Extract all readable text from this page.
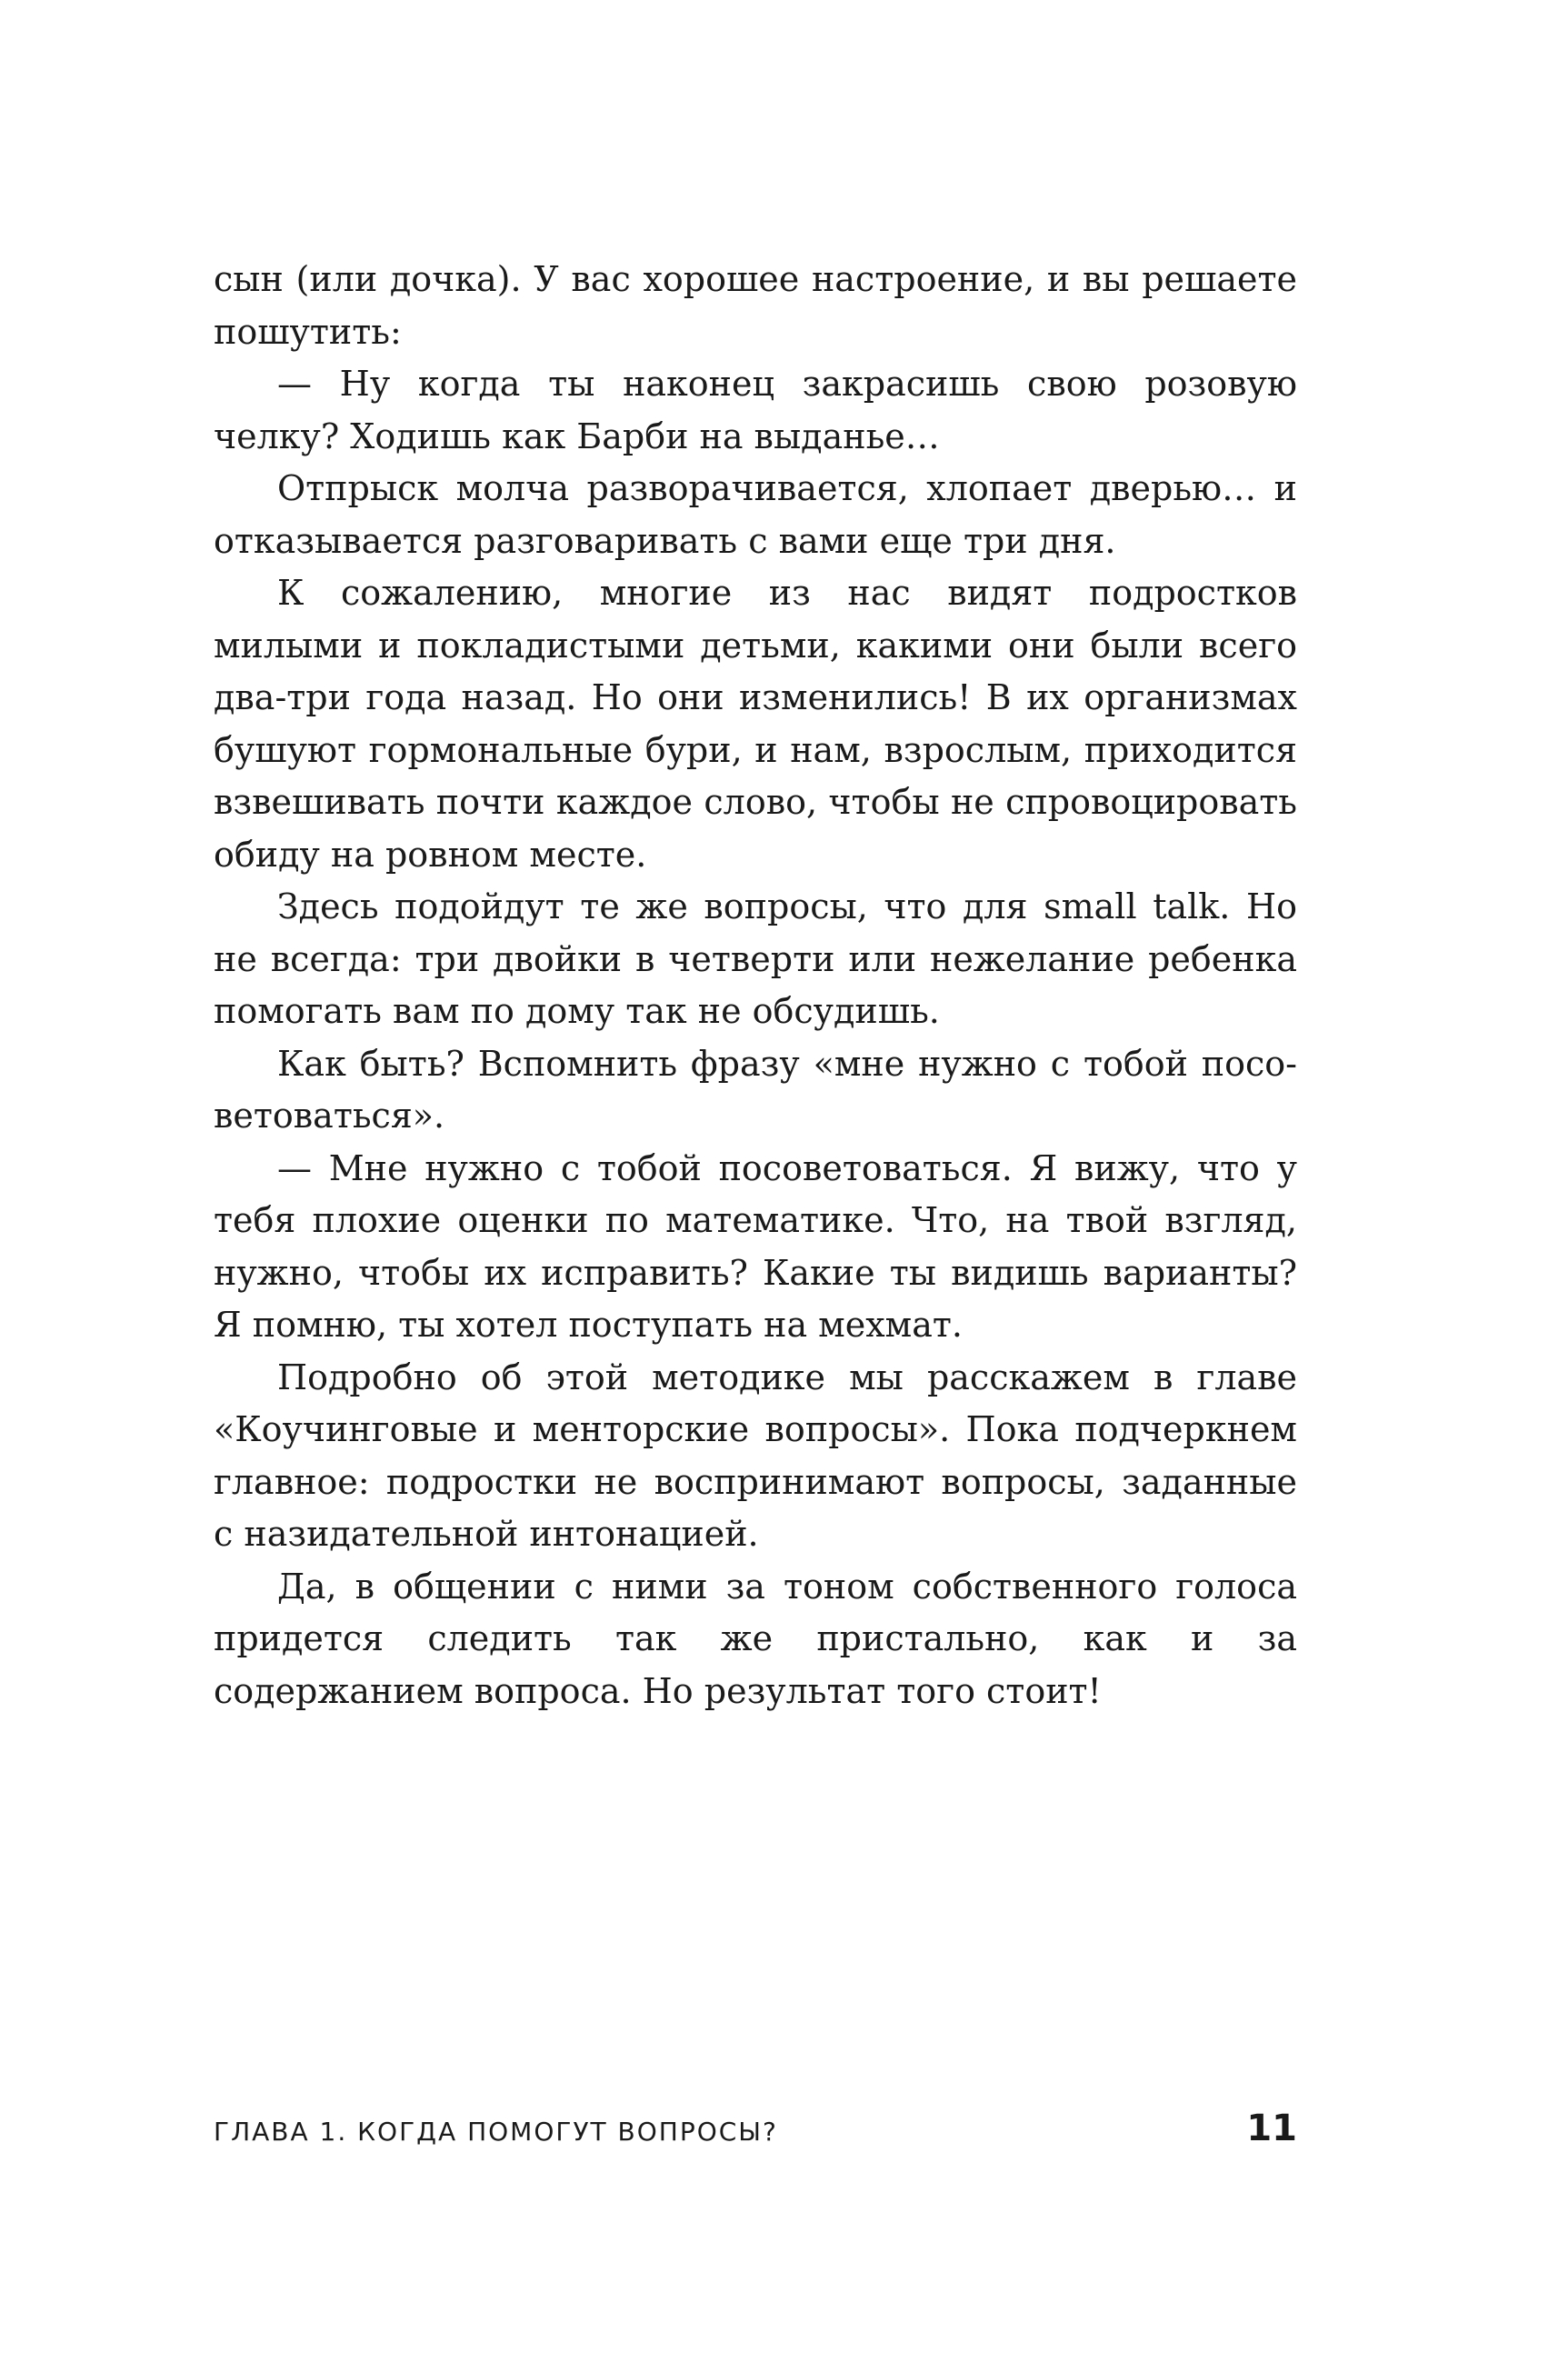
сын (или дочка). У вас хорошее настроение, и вы решаете пошутить:

— Ну когда ты наконец закрасишь свою розовую челку? Ходишь как Барби на выданье…

Отпрыск молча разворачивается, хлопает дверью… и отказывается разговаривать с вами еще три дня.

К сожалению, многие из нас видят подростков милыми и покладистыми детьми, какими они были всего два-три года назад. Но они изменились! В их организмах бушуют гормональные бури, и нам, взрослым, приходится взвешивать почти каждое слово, чтобы не спровоцировать обиду на ровном месте.

Здесь подойдут те же вопросы, что для small talk. Но не всегда: три двойки в четверти или нежелание ребенка помогать вам по дому так не обсудишь.

Как быть? Вспомнить фразу «мне нужно с тобой посоветоваться».

— Мне нужно с тобой посоветоваться. Я вижу, что у тебя плохие оценки по математике. Что, на твой взгляд, нужно, чтобы их исправить? Какие ты видишь варианты? Я помню, ты хотел поступать на мехмат.

Подробно об этой методике мы расскажем в главе «Коучинговые и менторские вопросы». Пока подчеркнем главное: подростки не воспринимают вопросы, заданные с назидательной интонацией.

Да, в общении с ними за тоном собственного голоса придется следить так же пристально, как и за содержанием вопроса. Но результат того стоит!

ГЛАВА 1. КОГДА ПОМОГУТ ВОПРОСЫ?	11
